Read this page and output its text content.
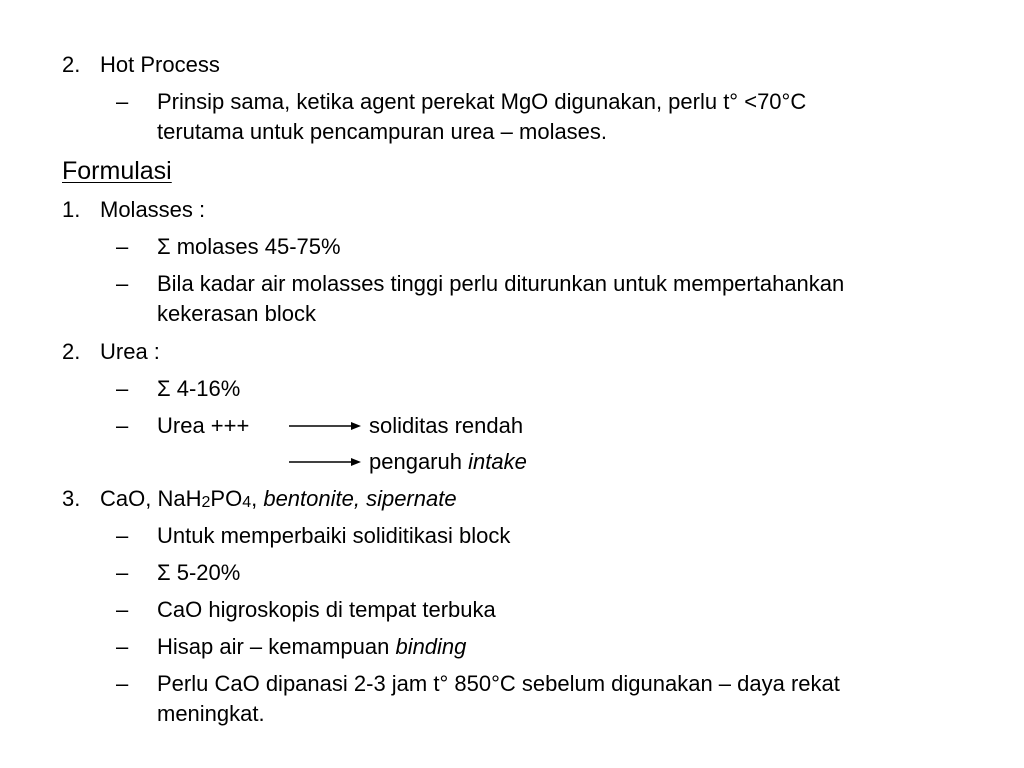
2. Hot Process
– Prinsip sama, ketika agent perekat MgO digunakan, perlu t° <70°C
terutama untuk pencampuran urea – molases.
Formulasi
1. Molasses :
– Σ molases 45-75%
– Bila kadar air molasses tinggi perlu diturunkan untuk mempertahankan
kekerasan block
2. Urea :
– Σ 4-16%
– Urea +++	soliditas rendah
pengaruh intake
3. CaO, NaH2PO4, bentonite, sipernate
– Untuk memperbaiki soliditikasi block
– Σ 5-20%
– CaO higroskopis di tempat terbuka
– Hisap air – kemampuan binding
– Perlu CaO dipanasi 2-3 jam t° 850°C sebelum digunakan – daya rekat
meningkat.
